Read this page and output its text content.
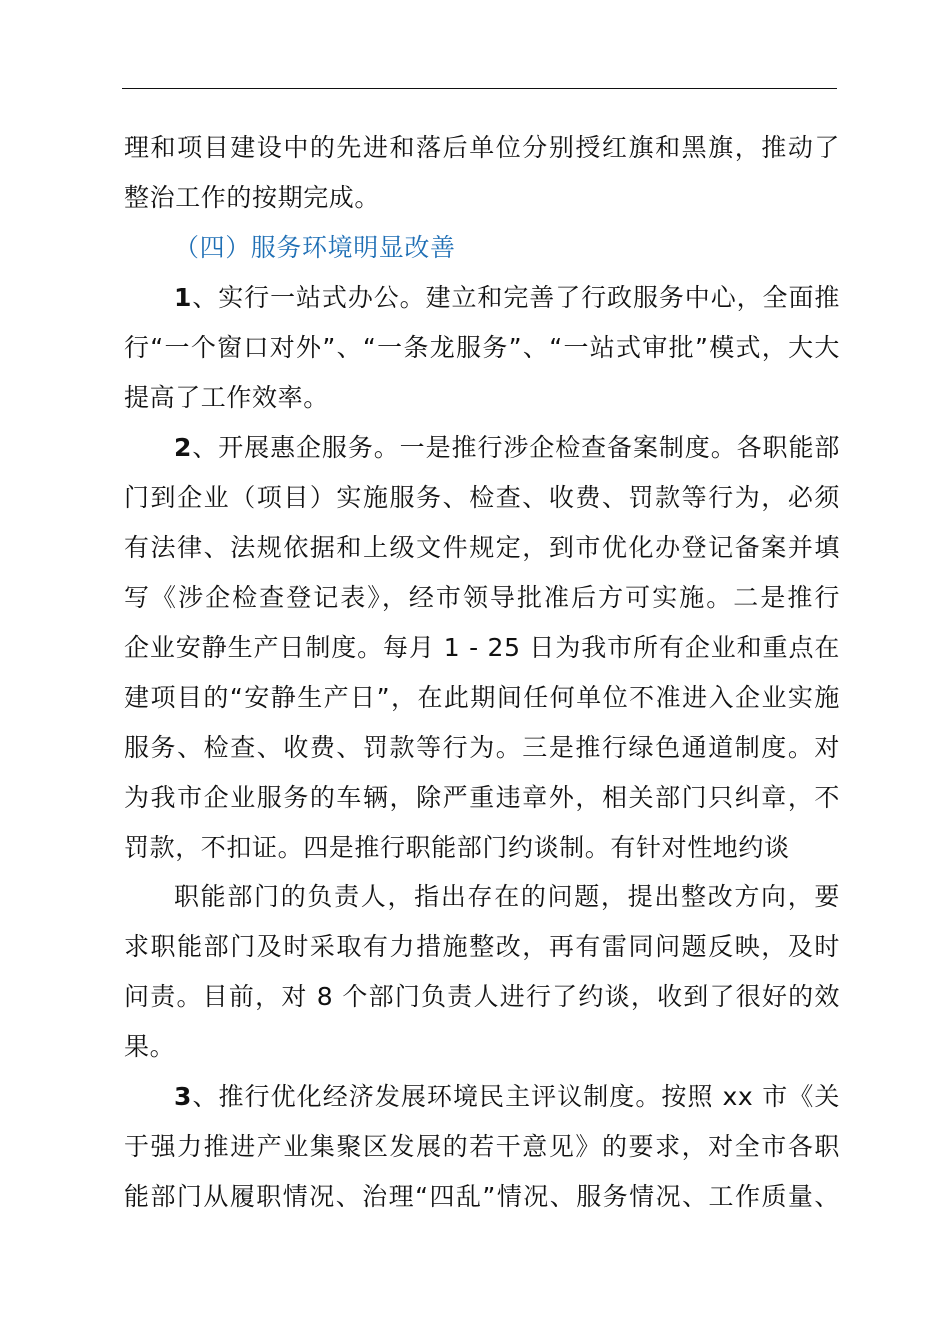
理和项目建设中的先进和落后单位分别授红旗和黑旗，推动了
整治工作的按期完成。
（四）服务环境明显改善
1、实行一站式办公。建立和完善了行政服务中心，全面推
行“一个窗口对外”、“一条龙服务”、“一站式审批”模式，大大
提高了工作效率。
2、开展惠企服务。一是推行涉企检查备案制度。各职能部
门到企业（项目）实施服务、检查、收费、罚款等行为，必须
有法律、法规依据和上级文件规定，到市优化办登记备案并填
写《涉企检查登记表》，经市领导批准后方可实施。二是推行
企业安静生产日制度。每月 1 - 25 日为我市所有企业和重点在
建项目的“安静生产日”，在此期间任何单位不准进入企业实施
服务、检查、收费、罚款等行为。三是推行绿色通道制度。对
为我市企业服务的车辆，除严重违章外，相关部门只纠章，不
罚款，不扣证。四是推行职能部门约谈制。有针对性地约谈
职能部门的负责人，指出存在的问题，提出整改方向，要
求职能部门及时采取有力措施整改，再有雷同问题反映，及时
问责。目前，对 8 个部门负责人进行了约谈，收到了很好的效
果。
3、推行优化经济发展环境民主评议制度。按照 xx 市《关
于强力推进产业集聚区发展的若干意见》的要求，对全市各职
能部门从履职情况、治理“四乱”情况、服务情况、工作质量、
